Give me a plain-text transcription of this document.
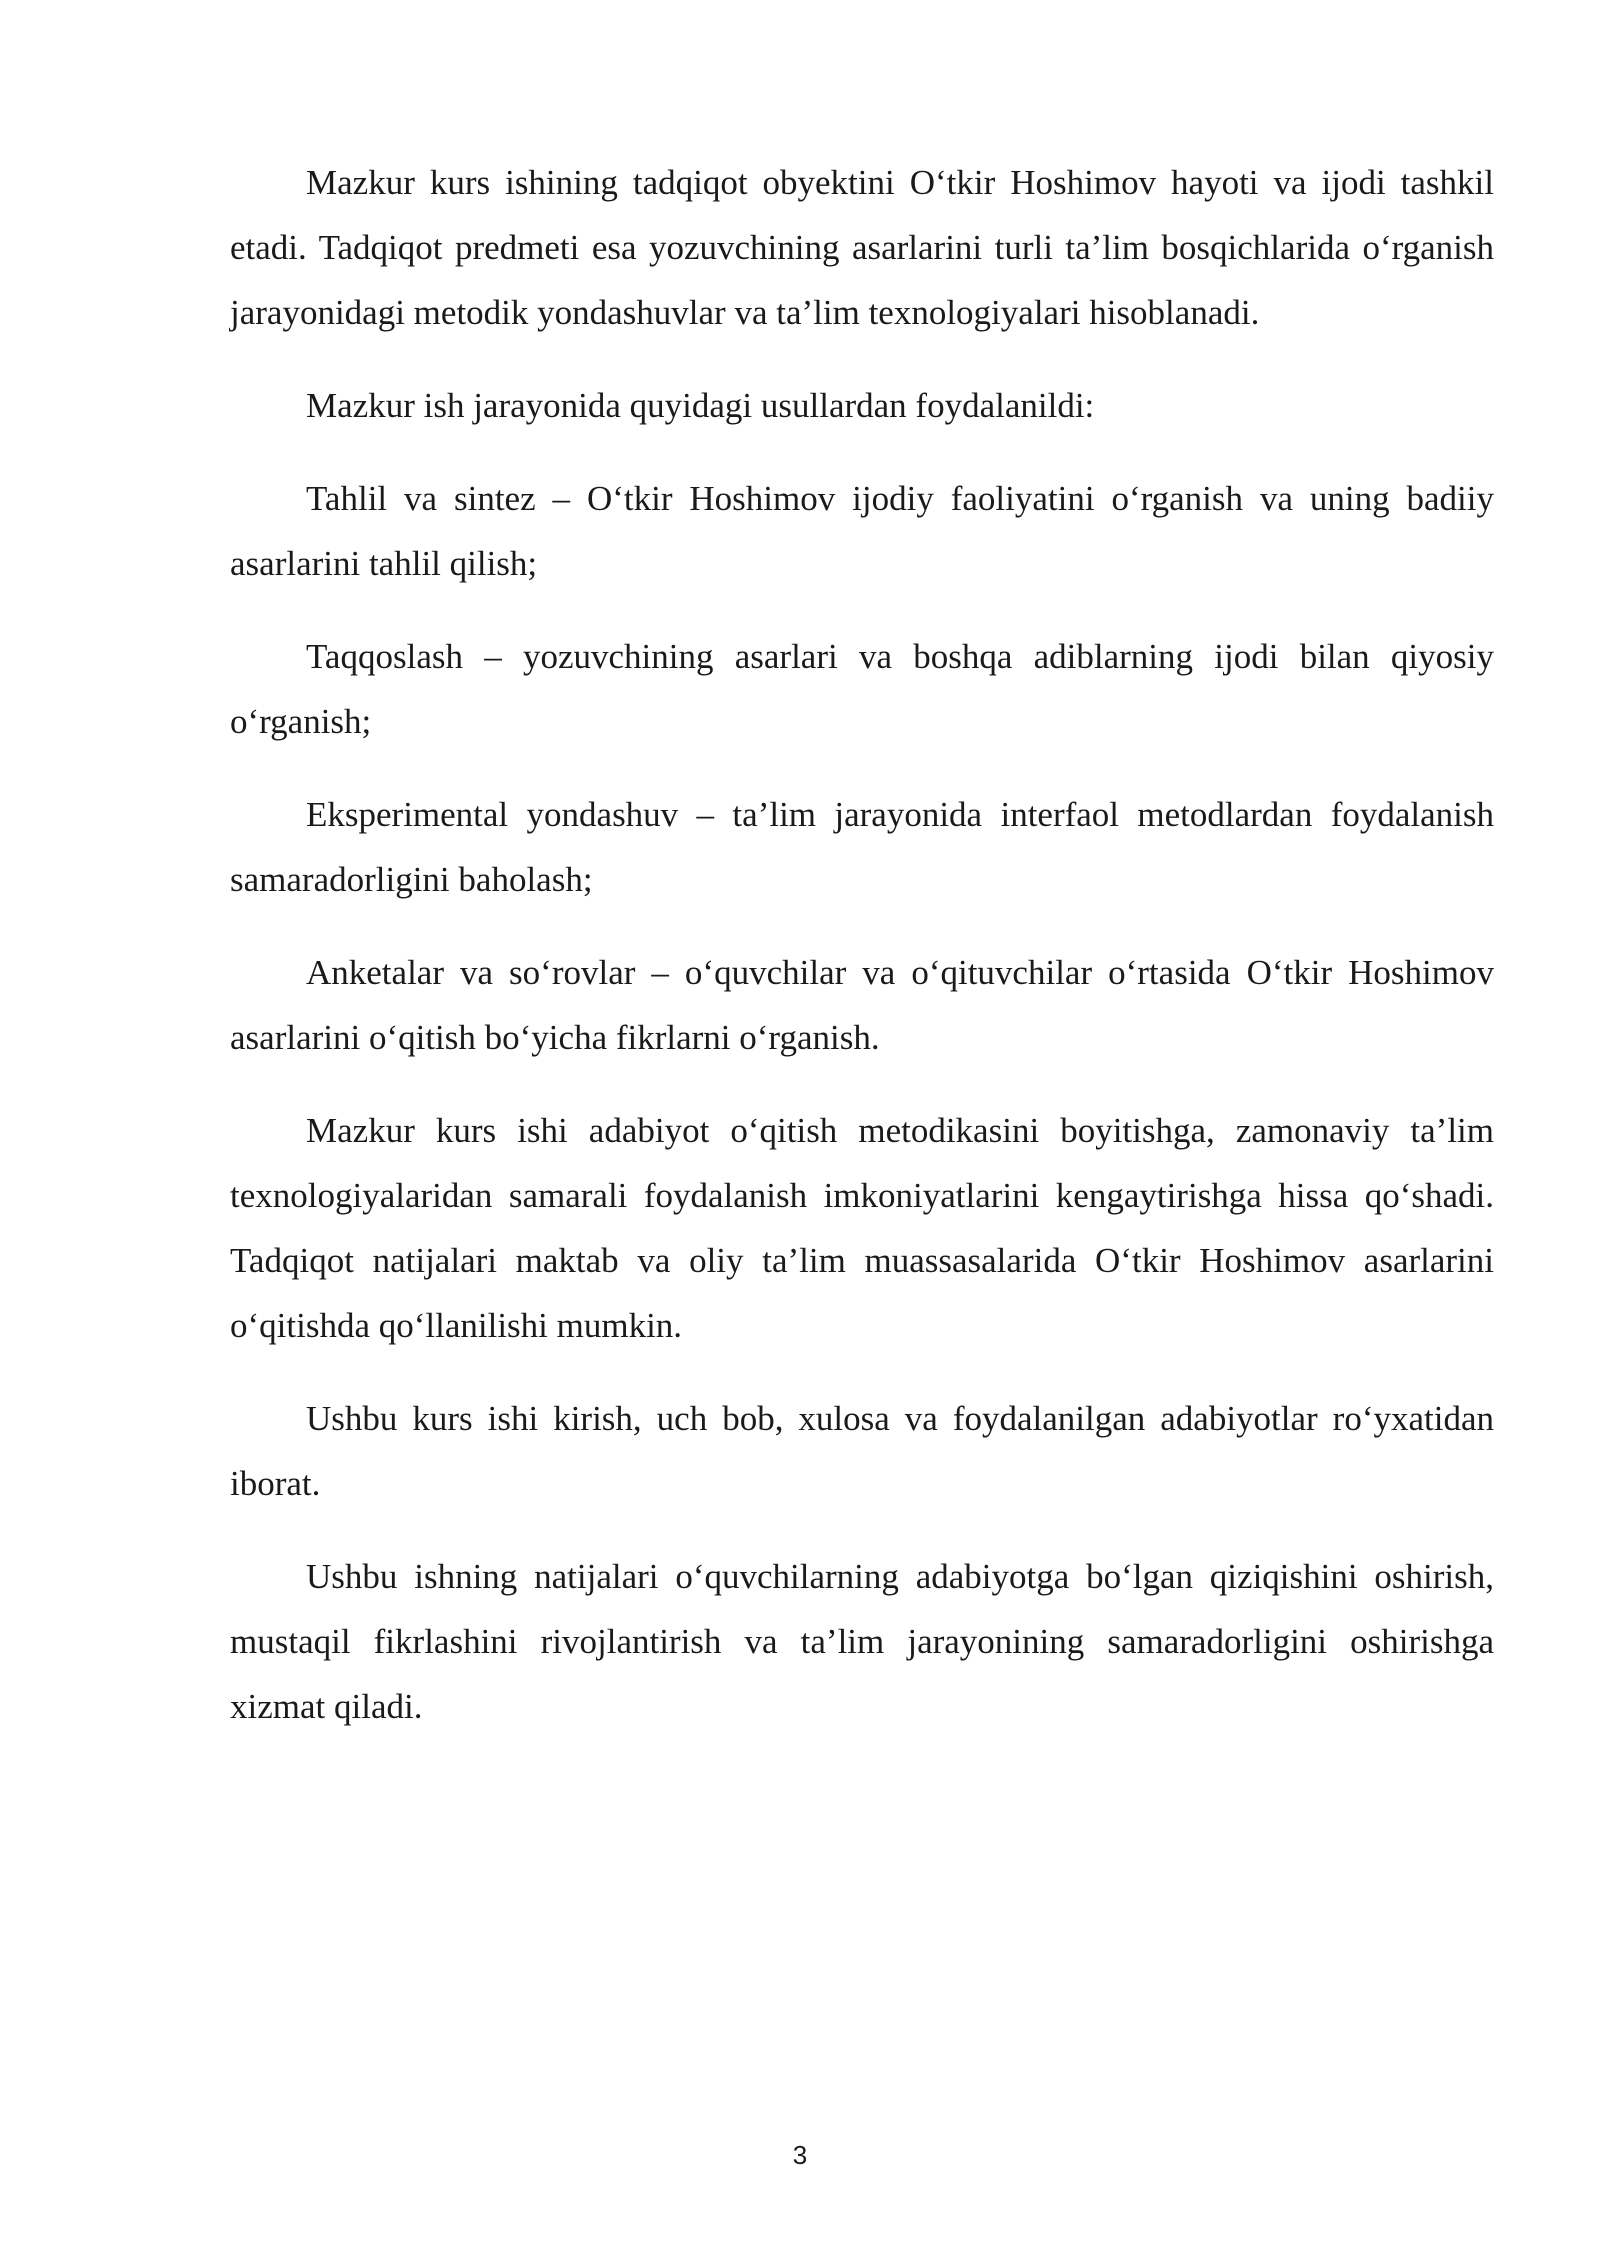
Mazkur kurs ishining tadqiqot obyektini O‘tkir Hoshimov hayoti va ijodi tashkil etadi. Tadqiqot predmeti esa yozuvchining asarlarini turli ta’lim bosqichlarida o‘rganish jarayonidagi metodik yondashuvlar va ta’lim texnologiyalari hisoblanadi.

Mazkur ish jarayonida quyidagi usullardan foydalanildi:

Tahlil va sintez – O‘tkir Hoshimov ijodiy faoliyatini o‘rganish va uning badiiy asarlarini tahlil qilish;

Taqqoslash – yozuvchining asarlari va boshqa adiblarning ijodi bilan qiyosiy o‘rganish;

Eksperimental yondashuv – ta’lim jarayonida interfaol metodlardan foydalanish samaradorligini baholash;

Anketalar va so‘rovlar – o‘quvchilar va o‘qituvchilar o‘rtasida O‘tkir Hoshimov asarlarini o‘qitish bo‘yicha fikrlarni o‘rganish.

Mazkur kurs ishi adabiyot o‘qitish metodikasini boyitishga, zamonaviy ta’lim texnologiyalaridan samarali foydalanish imkoniyatlarini kengaytirishga hissa qo‘shadi. Tadqiqot natijalari maktab va oliy ta’lim muassasalarida O‘tkir Hoshimov asarlarini o‘qitishda qo‘llanilishi mumkin.

Ushbu kurs ishi kirish, uch bob, xulosa va foydalanilgan adabiyotlar ro‘yxatidan iborat.

Ushbu ishning natijalari o‘quvchilarning adabiyotga bo‘lgan qiziqishini oshirish, mustaqil fikrlashini rivojlantirish va ta’lim jarayonining samaradorligini oshirishga xizmat qiladi.

3
